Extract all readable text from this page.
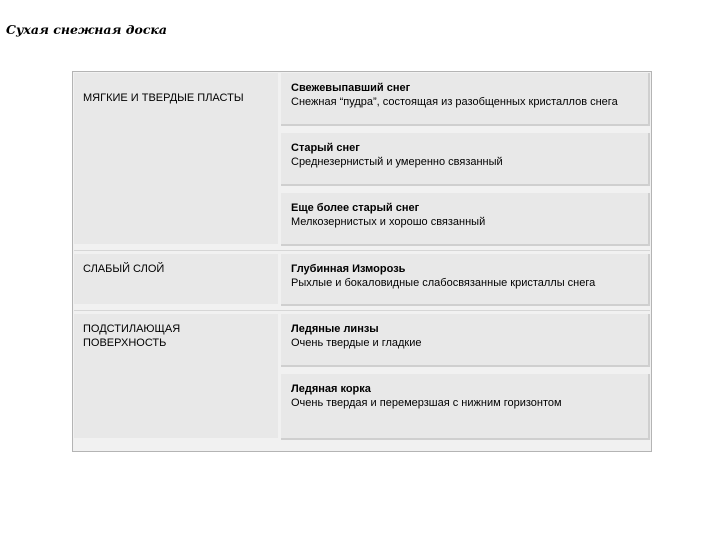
Сухая снежная доска
МЯГКИЕ И ТВЕРДЫЕ ПЛАСТЫ
СЛАБЫЙ СЛОЙ
ПОДСТИЛАЮЩАЯ ПОВЕРХНОСТЬ
Свежевыпавший снег
Снежная “пудра”, состоящая из разобщенных кристаллов снега
Старый снег
Среднезернистый и умеренно связанный
Еще более старый снег
Мелкозернистых и хорошо связанный
Глубинная Изморозь
Рыхлые и бокаловидные слабосвязанные кристаллы снега
Ледяные линзы
Очень твердые и гладкие
Ледяная корка
Очень твердая и перемерзшая с нижним горизонтом
